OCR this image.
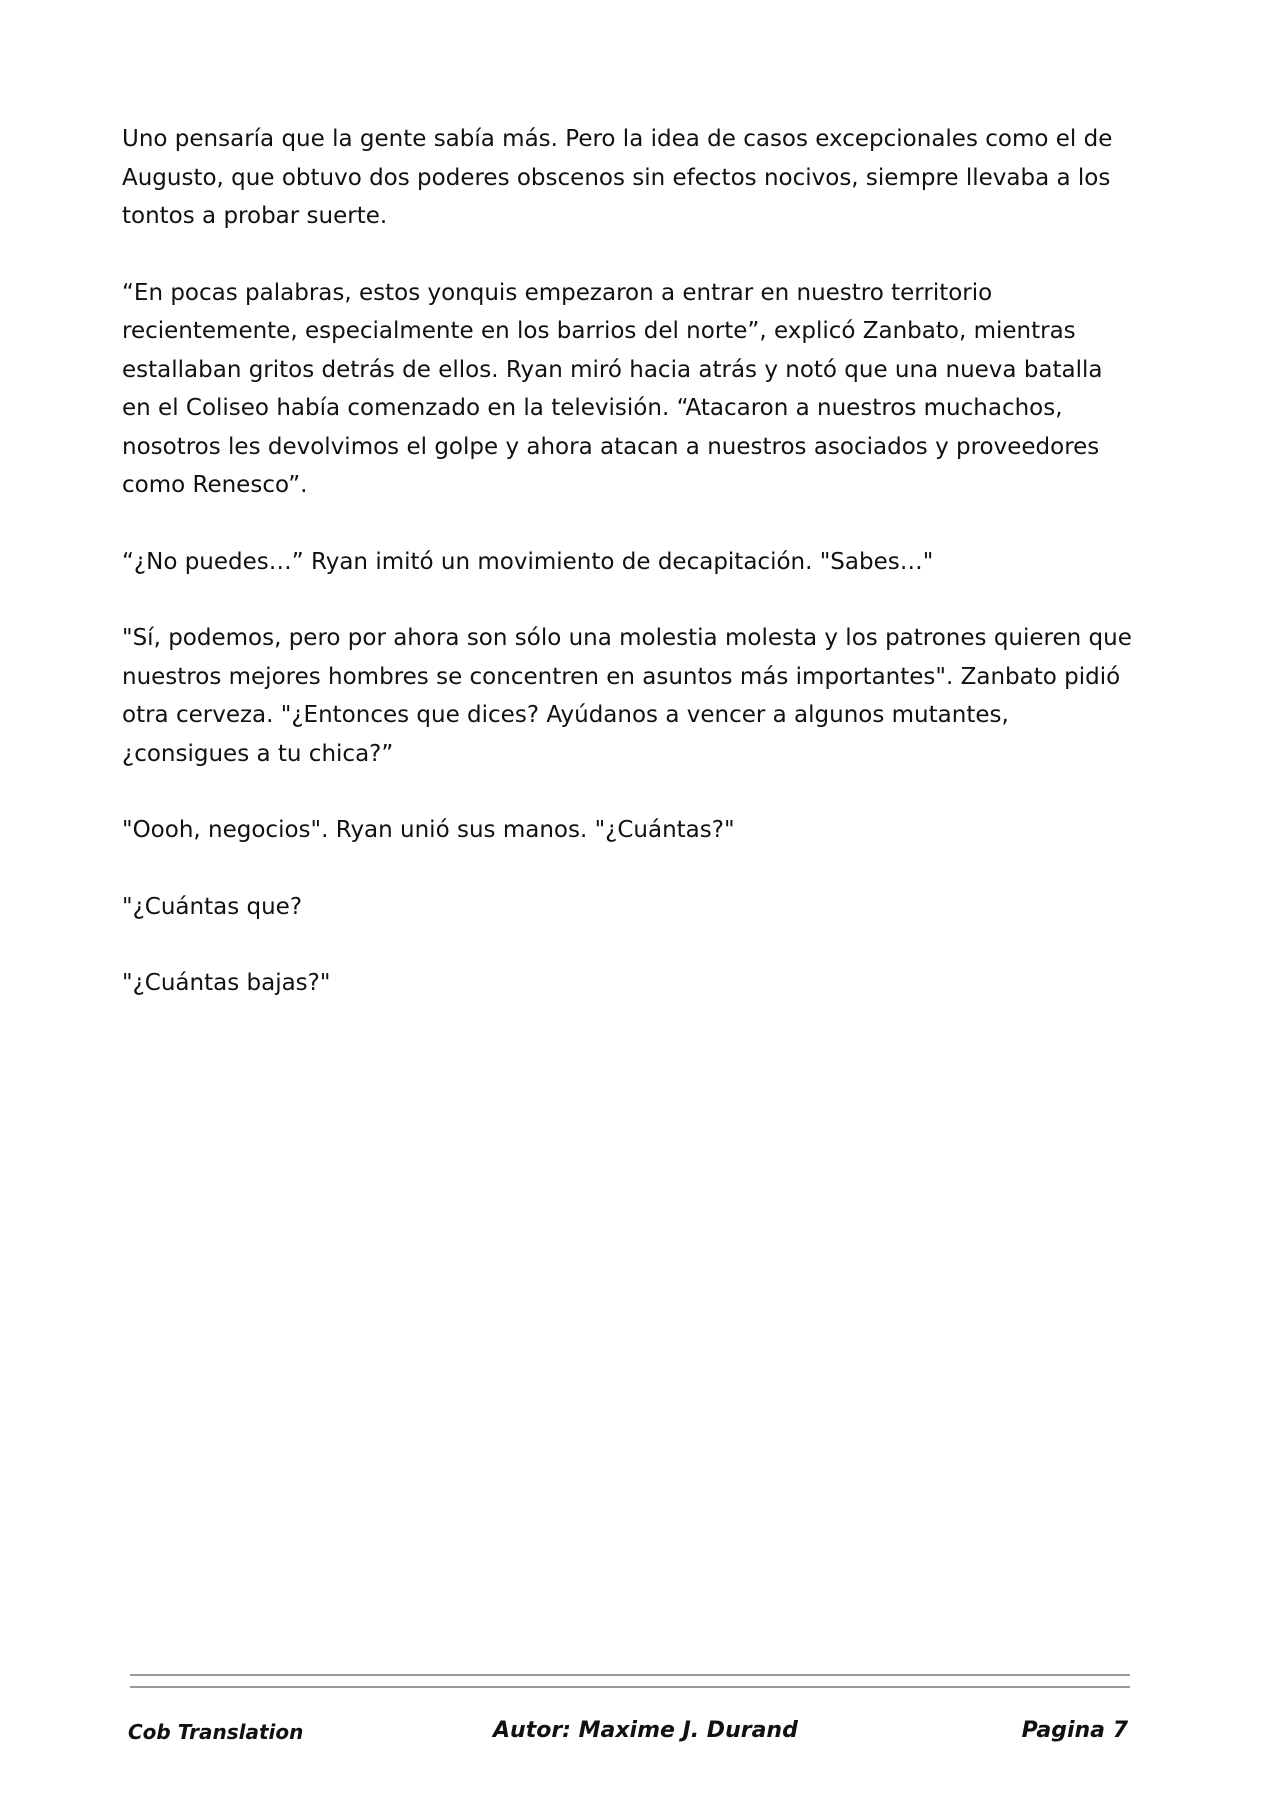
Uno pensaría que la gente sabía más. Pero la idea de casos excepcionales como el de Augusto, que obtuvo dos poderes obscenos sin efectos nocivos, siempre llevaba a los tontos a probar suerte.

“En pocas palabras, estos yonquis empezaron a entrar en nuestro territorio recientemente, especialmente en los barrios del norte”, explicó Zanbato, mientras estallaban gritos detrás de ellos. Ryan miró hacia atrás y notó que una nueva batalla en el Coliseo había comenzado en la televisión. “Atacaron a nuestros muchachos, nosotros les devolvimos el golpe y ahora atacan a nuestros asociados y proveedores como Renesco”.

“¿No puedes…” Ryan imitó un movimiento de decapitación. "Sabes…"

"Sí, podemos, pero por ahora son sólo una molestia molesta y los patrones quieren que nuestros mejores hombres se concentren en asuntos más importantes". Zanbato pidió otra cerveza. "¿Entonces que dices? Ayúdanos a vencer a algunos mutantes, ¿consigues a tu chica?”

"Oooh, negocios". Ryan unió sus manos. "¿Cuántas?"

"¿Cuántas que?

"¿Cuántas bajas?"

Cob Translation	Autor: Maxime J. Durand	Pagina 7
